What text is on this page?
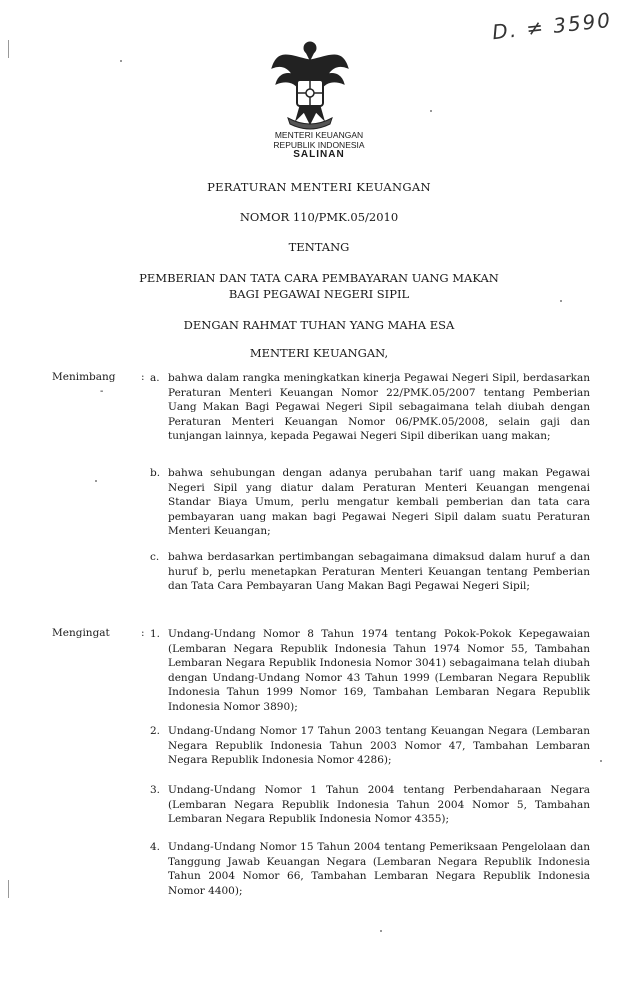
D. ≠ 3590
MENTERI KEUANGAN
REPUBLIK INDONESIA
SALINAN
PERATURAN MENTERI KEUANGAN
NOMOR 110/PMK.05/2010
TENTANG
PEMBERIAN DAN TATA CARA PEMBAYARAN UANG MAKAN
BAGI PEGAWAI NEGERI SIPIL
DENGAN RAHMAT TUHAN YANG MAHA ESA
MENTERI KEUANGAN,
Menimbang :
-
a. bahwa dalam rangka meningkatkan kinerja Pegawai Negeri Sipil, berdasarkan Peraturan Menteri Keuangan Nomor 22/PMK.05/2007 tentang Pemberian Uang Makan Bagi Pegawai Negeri Sipil sebagaimana telah diubah dengan Peraturan Menteri Keuangan Nomor 06/PMK.05/2008, selain gaji dan tunjangan lainnya, kepada Pegawai Negeri Sipil diberikan uang makan;
b. bahwa sehubungan dengan adanya perubahan tarif uang makan Pegawai Negeri Sipil yang diatur dalam Peraturan Menteri Keuangan mengenai Standar Biaya Umum, perlu mengatur kembali pemberian dan tata cara pembayaran uang makan bagi Pegawai Negeri Sipil dalam suatu Peraturan Menteri Keuangan;
c. bahwa berdasarkan pertimbangan sebagaimana dimaksud dalam huruf a dan huruf b, perlu menetapkan Peraturan Menteri Keuangan tentang Pemberian dan Tata Cara Pembayaran Uang Makan Bagi Pegawai Negeri Sipil;
Mengingat	: 1. Undang-Undang Nomor 8 Tahun 1974 tentang Pokok-Pokok Kepegawaian (Lembaran Negara Republik Indonesia Tahun 1974 Nomor 55, Tambahan Lembaran Negara Republik Indonesia Nomor 3041) sebagaimana telah diubah dengan Undang-Undang Nomor 43 Tahun 1999 (Lembaran Negara Republik Indonesia Tahun 1999 Nomor 169, Tambahan Lembaran Negara Republik Indonesia Nomor 3890);
2. Undang-Undang Nomor 17 Tahun 2003 tentang Keuangan Negara (Lembaran Negara Republik Indonesia Tahun 2003 Nomor 47, Tambahan Lembaran Negara Republik Indonesia Nomor 4286);
3. Undang-Undang Nomor 1 Tahun 2004 tentang Perbendaharaan Negara (Lembaran Negara Republik Indonesia Tahun 2004 Nomor 5, Tambahan Lembaran Negara Republik Indonesia Nomor 4355);
4. Undang-Undang Nomor 15 Tahun 2004 tentang Pemeriksaan Pengelolaan dan Tanggung Jawab Keuangan Negara (Lembaran Negara Republik Indonesia Tahun 2004 Nomor 66, Tambahan Lembaran Negara Republik Indonesia Nomor 4400);
